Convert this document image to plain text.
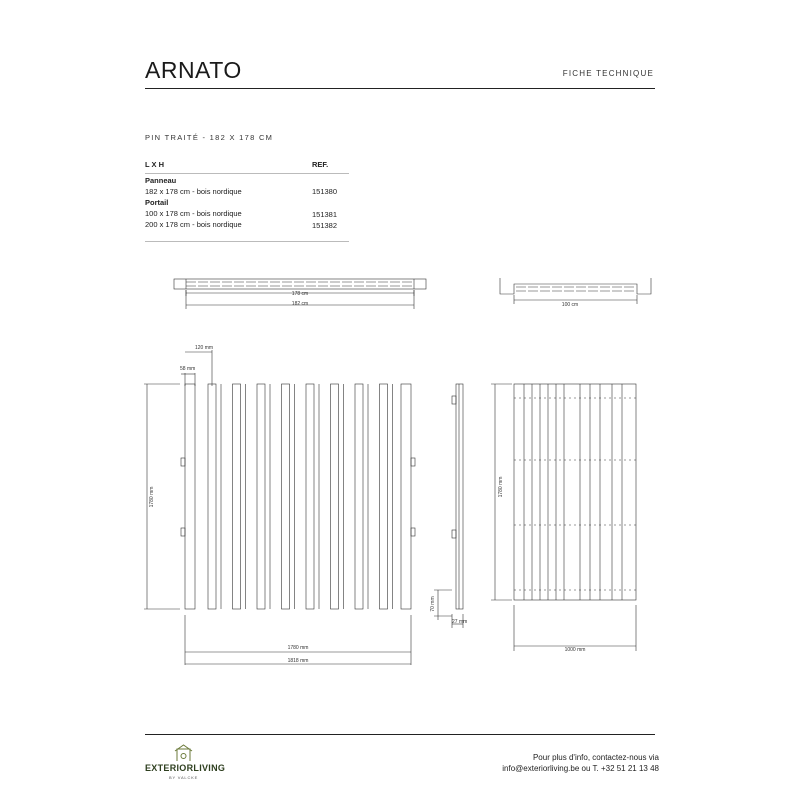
ARNATO	FICHE TECHNIQUE
PIN TRAITÉ - 182 X 178 CM
L X H	REF.
Panneau
182 x 178 cm - bois nordique	151380
Portail
100 x 178 cm - bois nordique	151381
200 x 178 cm - bois nordique	151382
178 cm
182 cm	100 cm
120 mm
58 mm
1780 mm
1780 mm
1818 mm
70 mm
27 mm
1780 mm
1000 mm
EXTERIORLIVING
BY VALCKE
Pour plus d'info, contactez-nous via
info@exteriorliving.be ou T. +32 51 21 13 48
